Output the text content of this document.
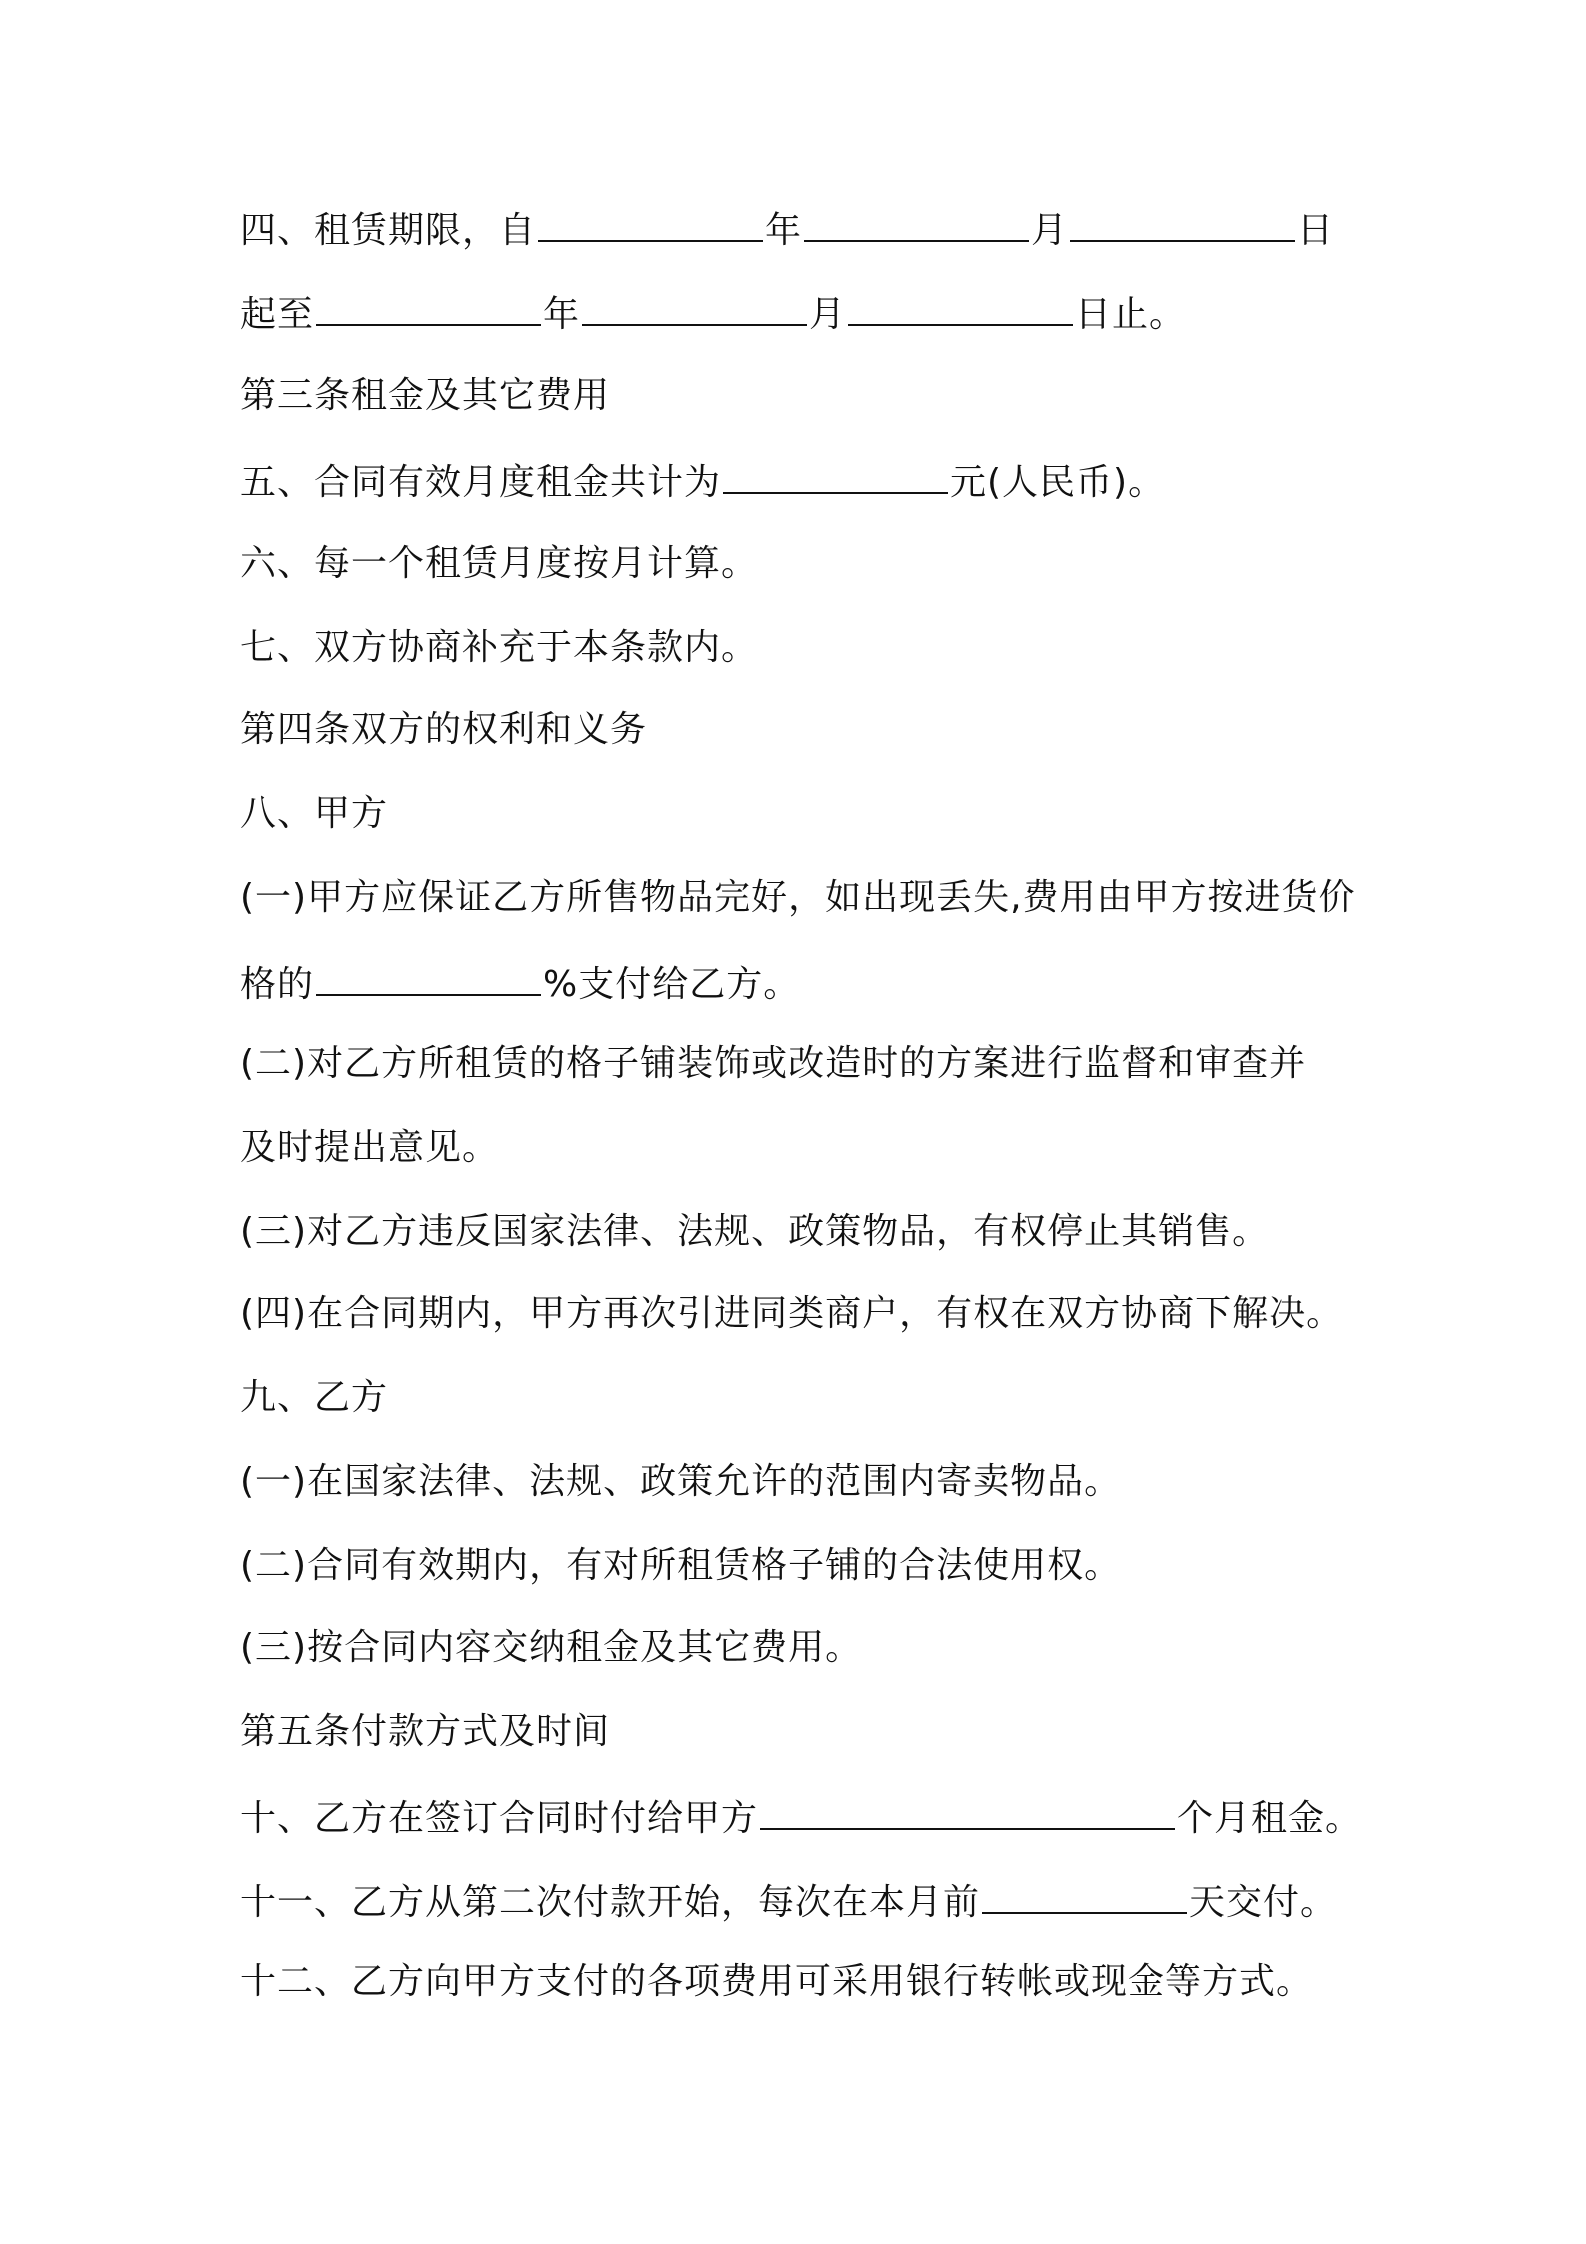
四、租赁期限，自	年	月	日
起至	年	月	日止。
第三条租金及其它费用
五、合同有效月度租金共计为	元(人民币)。
六、每一个租赁月度按月计算。
七、双方协商补充于本条款内。
第四条双方的权利和义务
八、甲方
(一)甲方应保证乙方所售物品完好，如出现丢失,费用由甲方按进货价
格的	%支付给乙方。
(二)对乙方所租赁的格子铺装饰或改造时的方案进行监督和审查并
及时提出意见。
(三)对乙方违反国家法律、法规、政策物品，有权停止其销售。
(四)在合同期内，甲方再次引进同类商户，有权在双方协商下解决。
九、乙方
(一)在国家法律、法规、政策允许的范围内寄卖物品。
(二)合同有效期内，有对所租赁格子铺的合法使用权。
(三)按合同内容交纳租金及其它费用。
第五条付款方式及时间
十、乙方在签订合同时付给甲方	个月租金。
十一、乙方从第二次付款开始，每次在本月前	天交付。
十二、乙方向甲方支付的各项费用可采用银行转帐或现金等方式。
